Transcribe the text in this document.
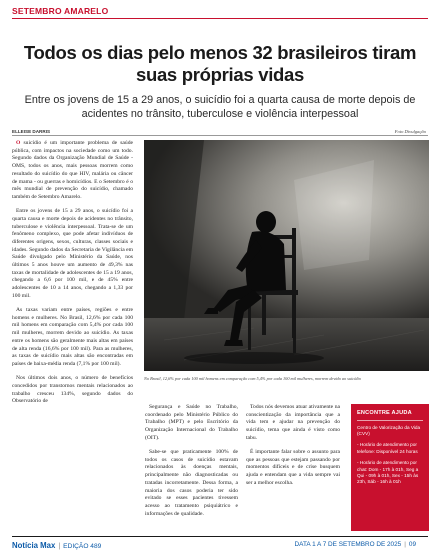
SETEMBRO AMARELO
Todos os dias pelo menos 32 brasileiros tiram suas próprias vidas
Entre os jovens de 15 a 29 anos, o suicídio foi a quarta causa de morte depois de acidentes no trânsito, tuberculose e violência interpessoal
ELLEISE DARRIS	Foto Divulgação

O suicídio é um importante problema de saúde pública, com impactos na sociedade como um todo. Segundo dados da Organização Mundial de Saúde - OMS, todos os anos, mais pessoas morrem como resultado do suicídio do que HIV, malária ou câncer de mama - ou guerras e homicídios. E o Setembro é o mês mundial de prevenção do suicídio, chamado também de Setembro Amarelo.

Entre os jovens de 15 a 29 anos, o suicídio foi a quarta causa e morte depois de acidentes no trânsito, tuberculose e violência interpessoal. Trata-se de um fenômeno complexo, que pode afetar indivíduos de diferentes origens, sexos, culturas, classes sociais e idades. Segundo dados da Secretaria de Vigilância em Saúde divulgado pelo Ministério da Saúde, nos últimos 5 anos houve um aumento de 49,3% nas taxas de mortalidade de adolescentes de 15 a 19 anos, chegando a 6,6 por 100 mil, e de 45% entre adolescentes de 10 a 14 anos, chegando a 1,33 por 100 mil.

As taxas variam entre países, regiões e entre homens e mulheres. No Brasil, 12,6% por cada 100 mil homens em comparação com 5,4% por cada 100 mil mulheres, morrem devido ao suicídio. As taxas entre os homens são geralmente mais altas em países de alta renda (16,6% por 100 mil). Para as mulheres, as taxas de suicídio mais altas são encontradas em países de baixa-média renda (7,1% por 100 mil).

Nos últimos dois anos, o número de benefícios concedidos por transtornos mentais relacionados ao trabalho cresceu 134%, segundo dados do Observatório de

No Brasil, 12,6% por cada 100 mil homens em comparação com 5,4% por cada 100 mil mulheres, morrem devido ao suicídio

Segurança e Saúde no Trabalho, coordenado pelo Ministério Público do Trabalho (MPT) e pelo Escritório da Organização Internacional do Trabalho (OIT).

Sabe-se que praticamente 100% de todos os casos de suicídio estavam relacionados às doenças mentais, principalmente não diagnosticadas ou tratadas incorretamente. Dessa forma, a maioria dos casos poderia ter sido evitado se esses pacientes tivessem acesso ao tratamento psiquiátrico e informações de qualidade.

Todos nós devemos atuar ativamente na conscientização da importância que a vida tem e ajudar na prevenção do suicídio, tema que ainda é visto como tabu.

É importante falar sobre o assunto para que as pessoas que estejam passando por momentos difíceis e de crise busquem ajuda e entendam que a vida sempre vai ser a melhor escolha.

ENCONTRE AJUDA

Centro de Valorização da Vida (CVV)

- Horário de atendimento por telefone: Disponível 24 horas

- Horário de atendimento por chat: Dom - 17h à 01h, Seg a Qui - 09h à 01h, Sex - 15h às 23h, Sáb - 16h à 01h

Notícia Max | EDIÇÃO 489	DATA 1 A 7 DE SETEMBRO DE 2025 | 09
